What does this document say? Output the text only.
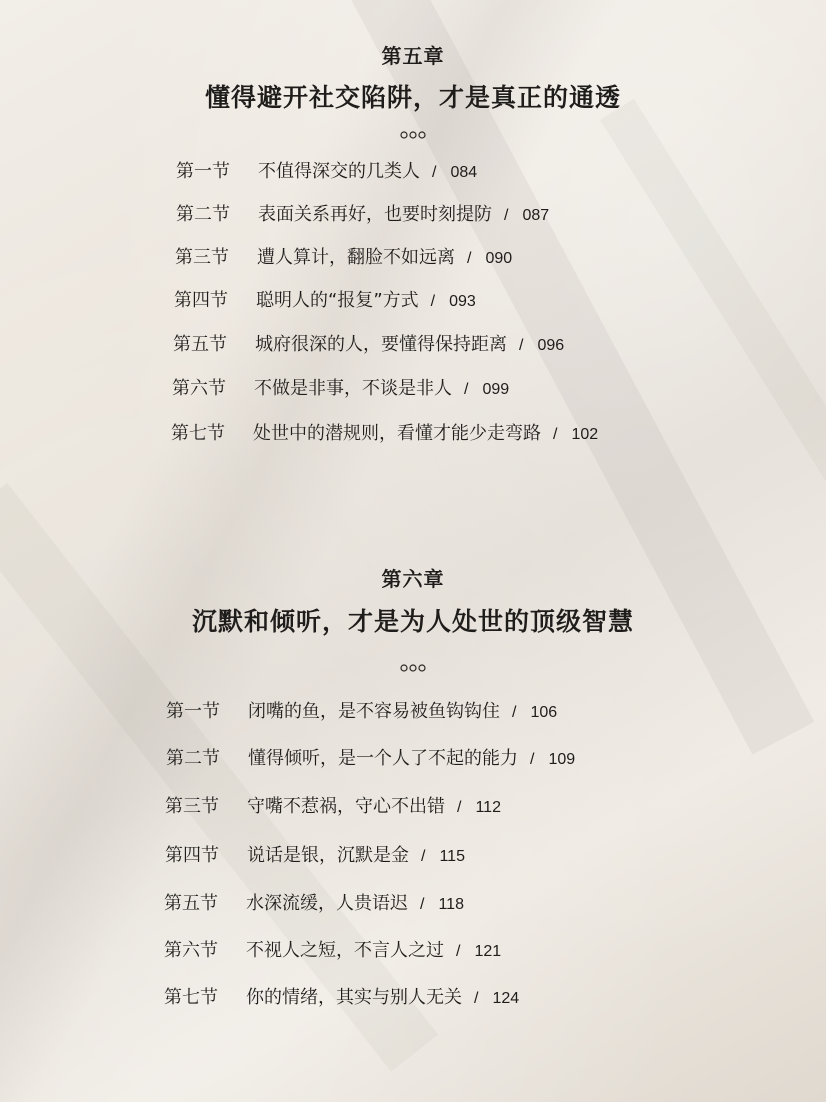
第五章
懂得避开社交陷阱，才是真正的通透
第一节 不值得深交的几类人 / 084
第二节 表面关系再好，也要时刻提防 / 087
第三节 遭人算计，翻脸不如远离 / 090
第四节 聪明人的“报复”方式 / 093
第五节 城府很深的人，要懂得保持距离 / 096
第六节 不做是非事，不谈是非人 / 099
第七节 处世中的潜规则，看懂才能少走弯路 / 102
第六章
沉默和倾听，才是为人处世的顶级智慧
第一节 闭嘴的鱼，是不容易被鱼钩钩住 / 106
第二节 懂得倾听，是一个人了不起的能力 / 109
第三节 守嘴不惹祸，守心不出错 / 112
第四节 说话是银，沉默是金 / 115
第五节 水深流缓，人贵语迟 / 118
第六节 不视人之短，不言人之过 / 121
第七节 你的情绪，其实与别人无关 / 124
